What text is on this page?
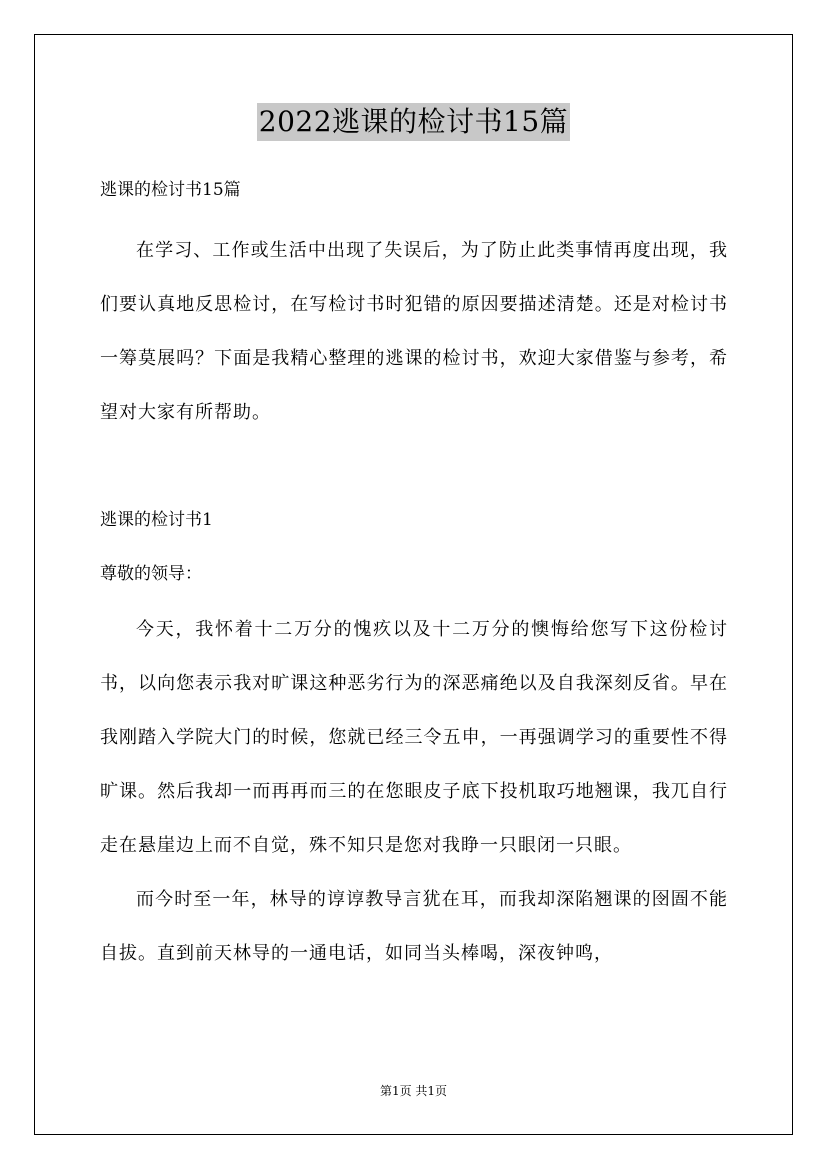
2022逃课的检讨书15篇

逃课的检讨书15篇

在学习、工作或生活中出现了失误后，为了防止此类事情再度出现，我们要认真地反思检讨，在写检讨书时犯错的原因要描述清楚。还是对检讨书一筹莫展吗？下面是我精心整理的逃课的检讨书，欢迎大家借鉴与参考，希望对大家有所帮助。

逃课的检讨书1

尊敬的领导：

今天，我怀着十二万分的愧疚以及十二万分的懊悔给您写下这份检讨书，以向您表示我对旷课这种恶劣行为的深恶痛绝以及自我深刻反省。早在我刚踏入学院大门的时候，您就已经三令五申，一再强调学习的重要性不得旷课。然后我却一而再再而三的在您眼皮子底下投机取巧地翘课，我兀自行走在悬崖边上而不自觉，殊不知只是您对我睁一只眼闭一只眼。

而今时至一年，林导的谆谆教导言犹在耳，而我却深陷翘课的囹圄不能自拔。直到前天林导的一通电话，如同当头棒喝，深夜钟鸣，

第1页 共1页
